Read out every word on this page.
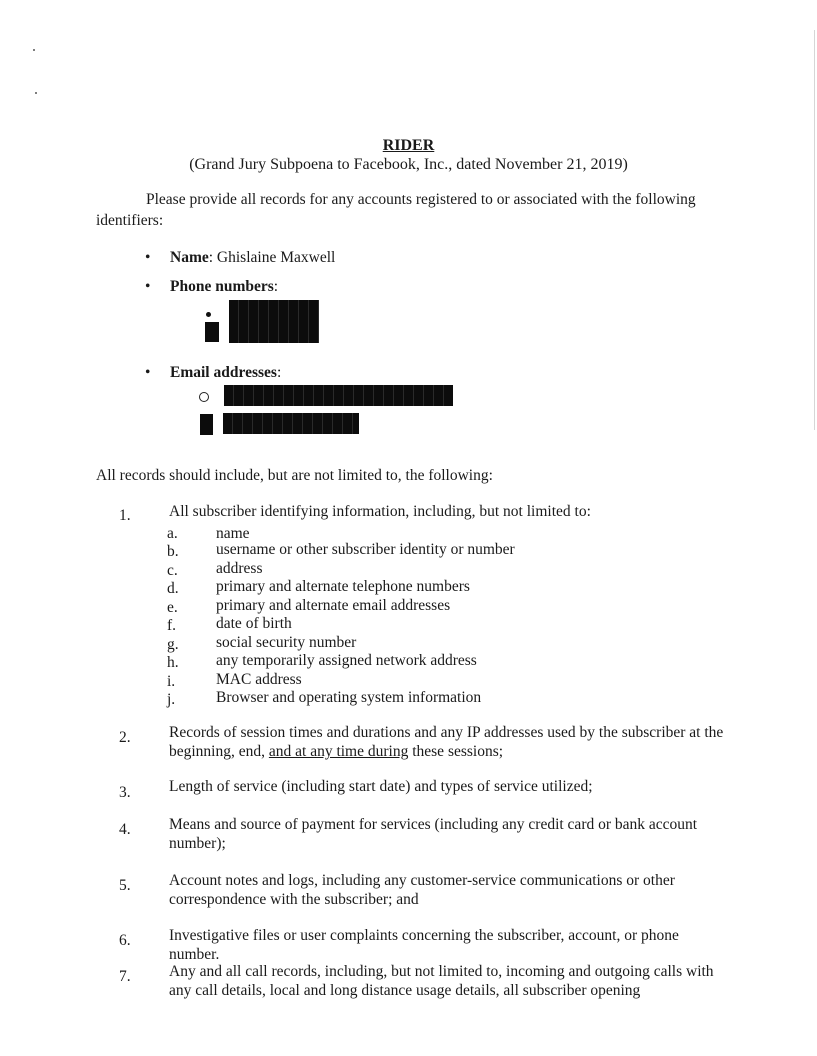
RIDER
(Grand Jury Subpoena to Facebook, Inc., dated November 21, 2019)
Please provide all records for any accounts registered to or associated with the following identifiers:
•
Name: Ghislaine Maxwell
•
Phone numbers:
•
Email addresses:
All records should include, but are not limited to, the following:
1. All subscriber identifying information, including, but not limited to:
a. name
b. username or other subscriber identity or number
c. address
d. primary and alternate telephone numbers
e. primary and alternate email addresses
f.	date of birth
g. social security number
h. any temporarily assigned network address
i.	MAC address
j.	Browser and operating system information
2. Records of session times and durations and any IP addresses used by the subscriber at the beginning, end, and at any time during these sessions;
3. Length of service (including start date) and types of service utilized;
4. Means and source of payment for services (including any credit card or bank account number);
5. Account notes and logs, including any customer-service communications or other correspondence with the subscriber; and
6. Investigative files or user complaints concerning the subscriber, account, or phone number.
7. Any and all call records, including, but not limited to, incoming and outgoing calls with any call details, local and long distance usage details, all subscriber opening
